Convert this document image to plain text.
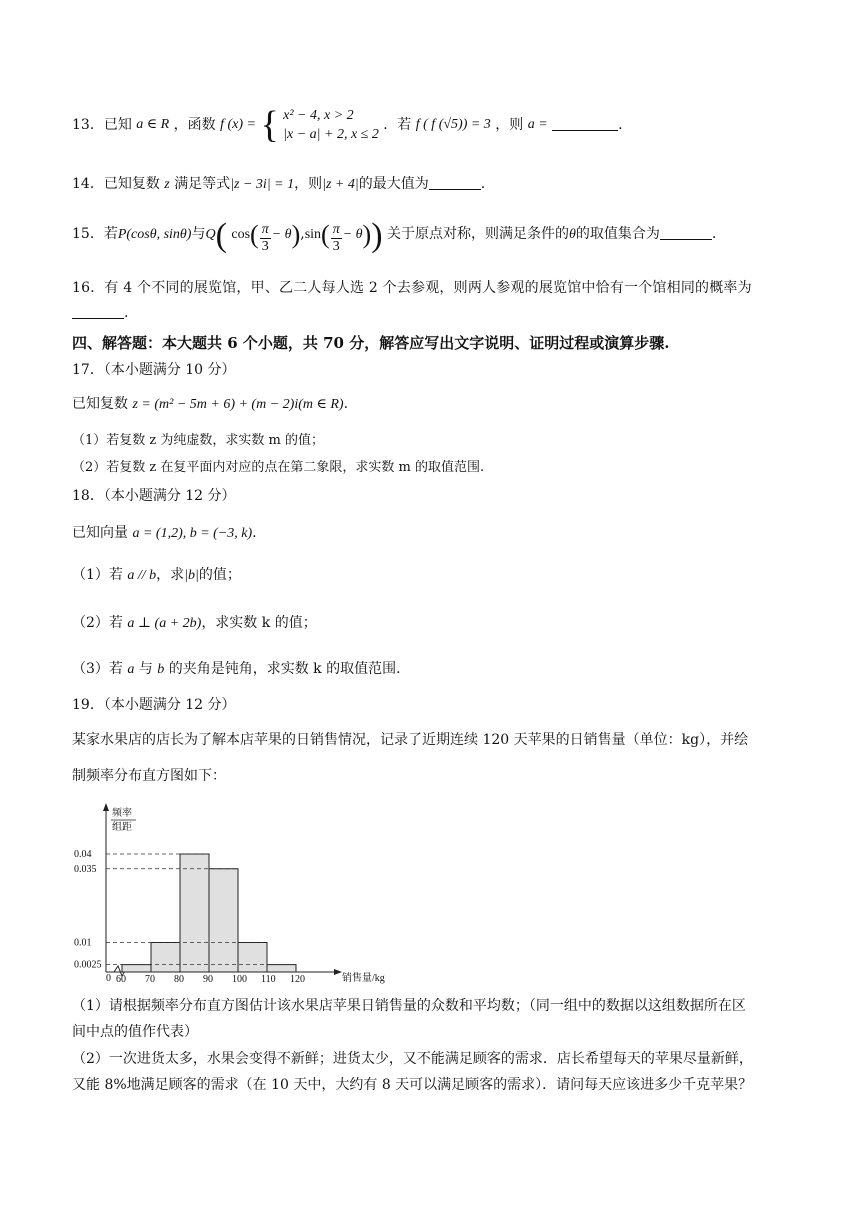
13．已知 a ∈ R ，函数 f (x) = { x² − 4, x > 2
|x − a| + 2, x ≤ 2
．若 f ( f (√5)) = 3 ，则 a =	.
14．已知复数 z 满足等式|z − 3i| = 1，则|z + 4|的最大值为	.
15．若P(cosθ, sinθ)与Q( $\cos( \frac{\pi}{3} - \theta),\sin( \frac{\pi}{3} - \theta)$) 关于原点对称，则满足条件的θ的取值集合为	.
16．有 4 个不同的展览馆，甲、乙二人每人选 2 个去参观，则两人参观的展览馆中恰有一个馆相同的概率为
.
四、解答题：本大题共 6 个小题，共 70 分，解答应写出文字说明、证明过程或演算步骤.
17．（本小题满分 10 分）
已知复数 z = (m² − 5m + 6) + (m − 2)i(m ∈ R).
（1）若复数 z 为纯虚数，求实数 m 的值；
（2）若复数 z 在复平面内对应的点在第二象限，求实数 m 的取值范围.
18．（本小题满分 12 分）
已知向量 a = (1,2), b = (−3, k).
（1）若 a // b，求|b|的值；
（2）若 a ⊥ (a + 2b)，求实数 k 的值；
（3）若 a 与 b 的夹角是钝角，求实数 k 的取值范围.
19．（本小题满分 12 分）
某家水果店的店长为了解本店苹果的日销售情况，记录了近期连续 120 天苹果的日销售量（单位：kg），并绘
制频率分布直方图如下：
频率
组距
0	销售量/kg
0.04
0.035
0.01
0.0025
60 70 80 90 100 110 120
（1）请根据频率分布直方图估计该水果店苹果日销售量的众数和平均数；（同一组中的数据以这组数据所在区
间中点的值作代表）
（2）一次进货太多，水果会变得不新鲜；进货太少，又不能满足顾客的需求．店长希望每天的苹果尽量新鲜，
又能 8%地满足顾客的需求（在 10 天中，大约有 8 天可以满足顾客的需求）．请问每天应该进多少千克苹果？
